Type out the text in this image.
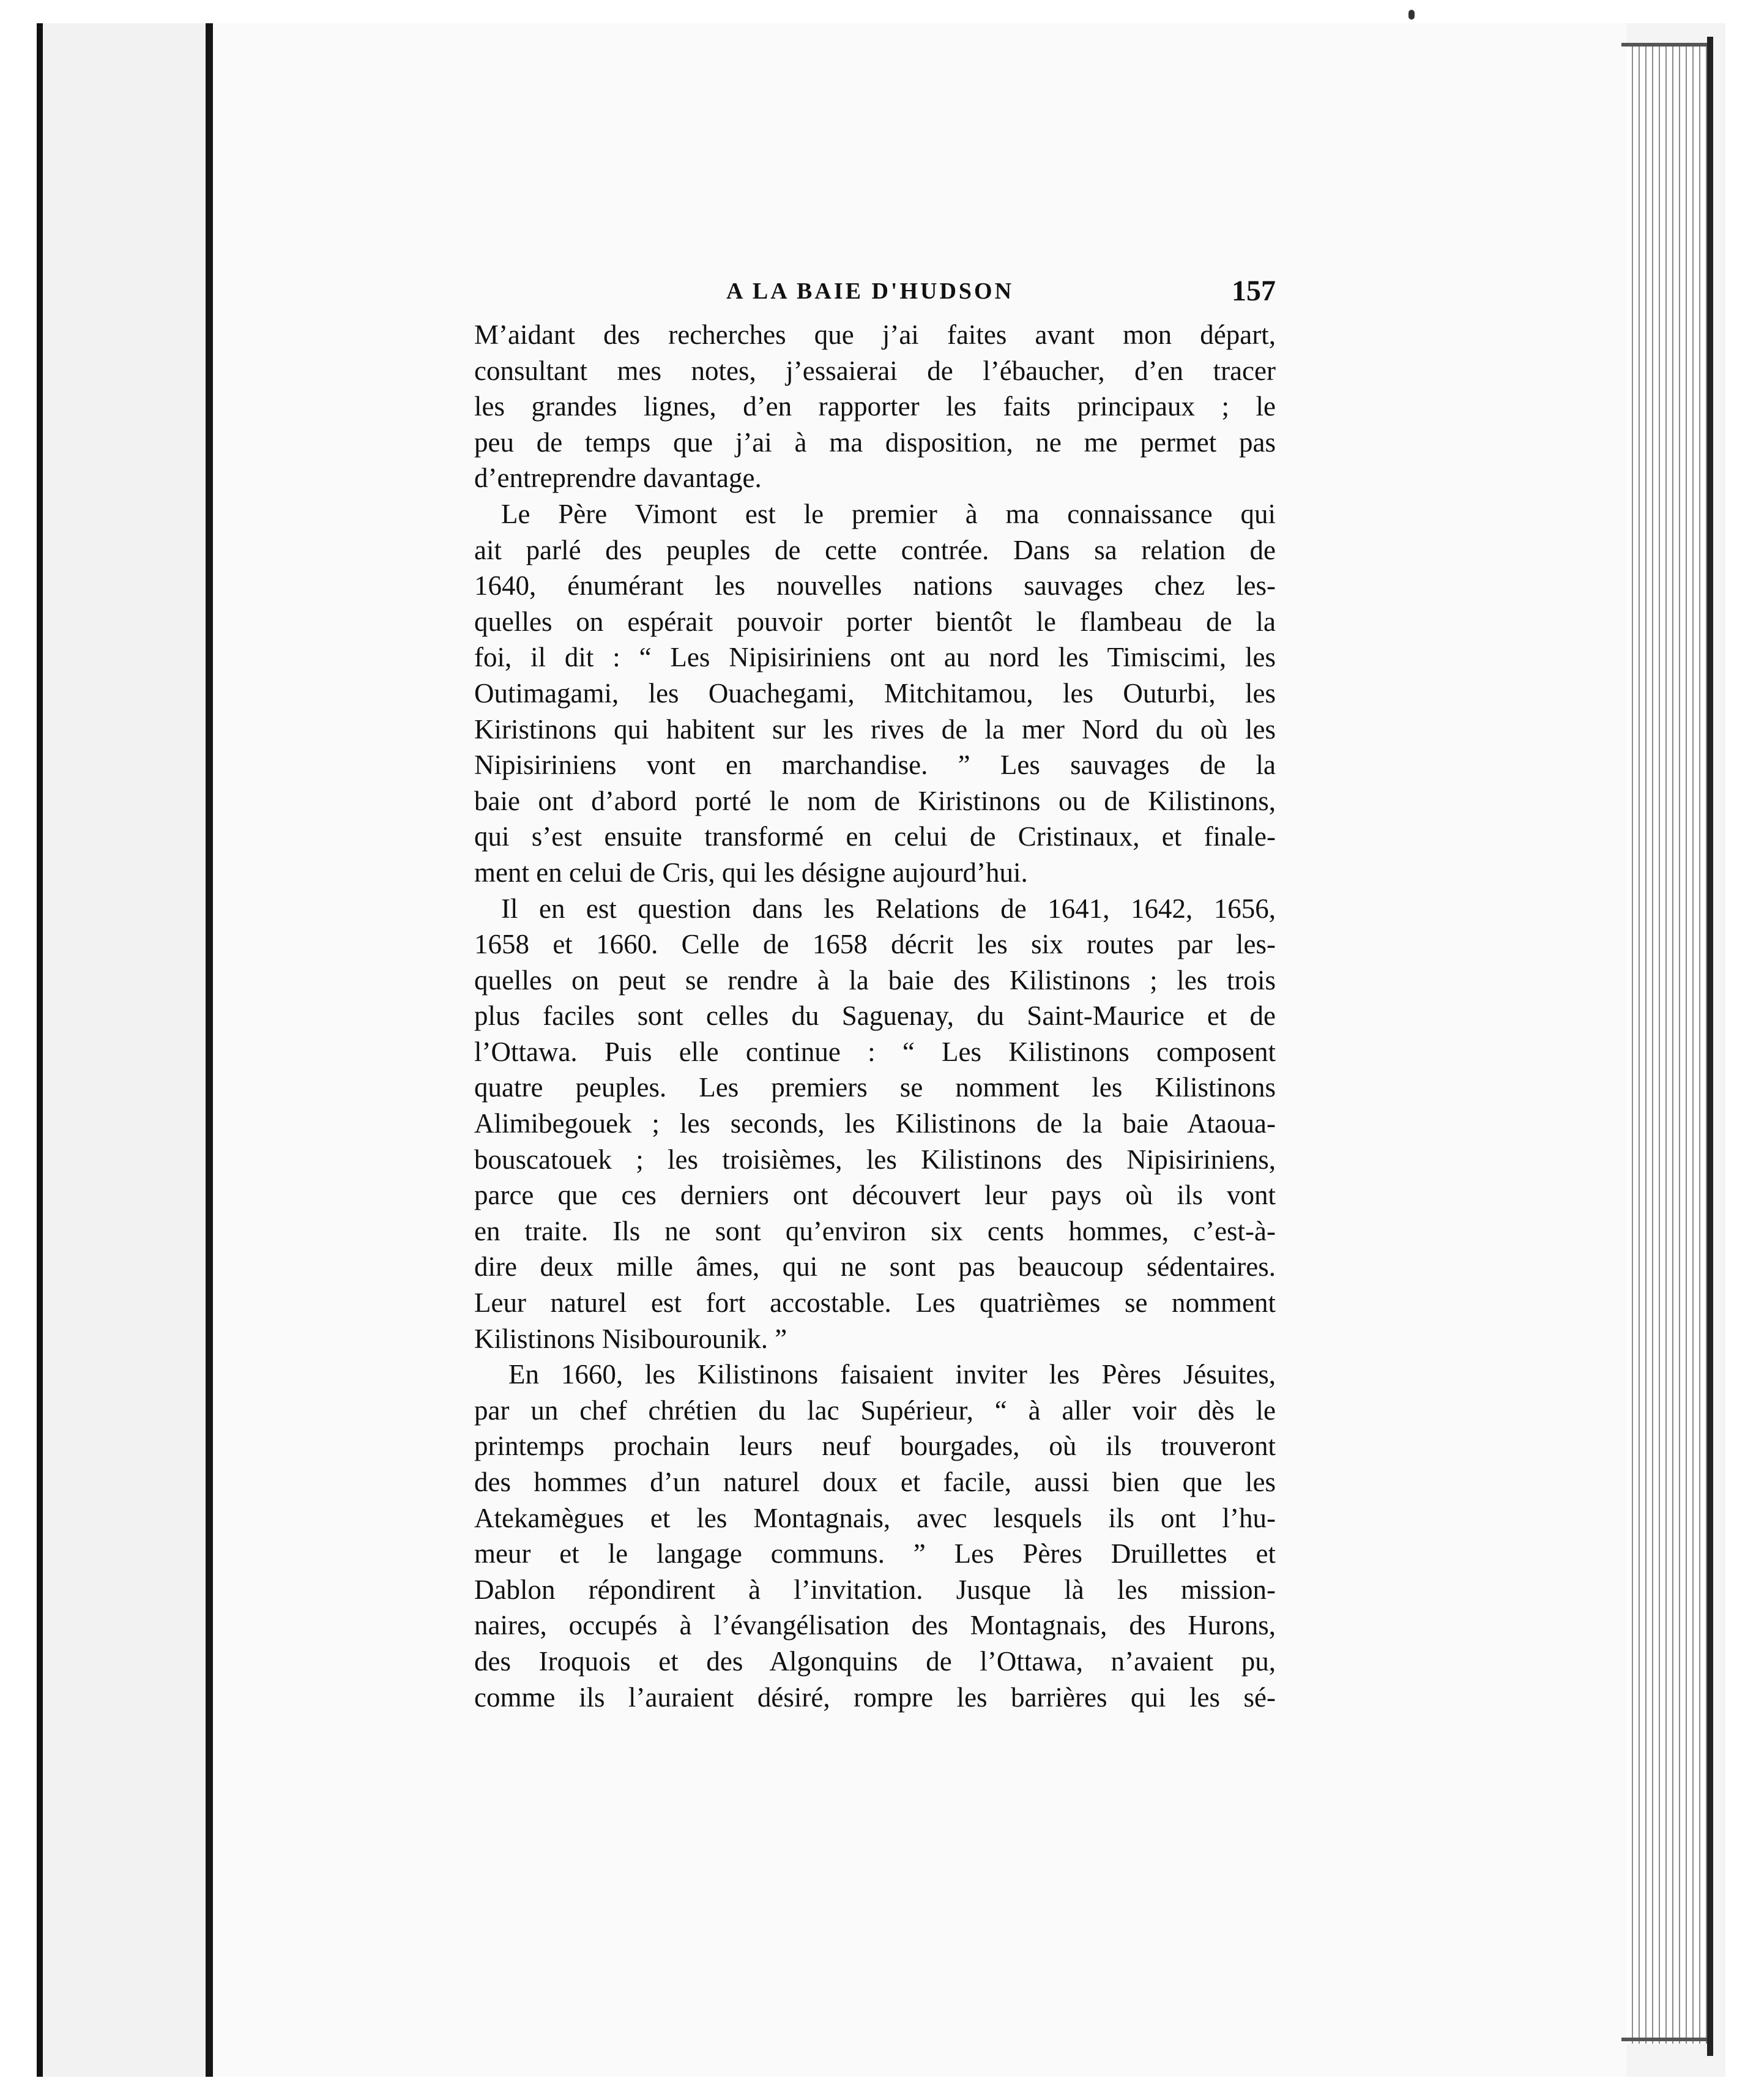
A LA BAIE D'HUDSON	157
M’aidant des recherches que j’ai faites avant mon départ,
consultant mes notes, j’essaierai de l’ébaucher, d’en tracer
les grandes lignes, d’en rapporter les faits principaux ; le
peu de temps que j’ai à ma disposition, ne me permet pas
d’entreprendre davantage.
Le Père Vimont est le premier à ma connaissance qui
ait parlé des peuples de cette contrée. Dans sa relation de
1640, énumérant les nouvelles nations sauvages chez les-
quelles on espérait pouvoir porter bientôt le flambeau de la
foi, il dit : “ Les Nipisiriniens ont au nord les Timiscimi, les
Outimagami, les Ouachegami, Mitchitamou, les Outurbi, les
Kiristinons qui habitent sur les rives de la mer Nord du où les
Nipisiriniens vont en marchandise. ” Les sauvages de la
baie ont d’abord porté le nom de Kiristinons ou de Kilistinons,
qui s’est ensuite transformé en celui de Cristinaux, et finale-
ment en celui de Cris, qui les désigne aujourd’hui.
Il en est question dans les Relations de 1641, 1642, 1656,
1658 et 1660. Celle de 1658 décrit les six routes par les-
quelles on peut se rendre à la baie des Kilistinons ; les trois
plus faciles sont celles du Saguenay, du Saint-Maurice et de
l’Ottawa. Puis elle continue : “ Les Kilistinons composent
quatre peuples. Les premiers se nomment les Kilistinons
Alimibegouek ; les seconds, les Kilistinons de la baie Ataoua-
bouscatouek ; les troisièmes, les Kilistinons des Nipisiriniens,
parce que ces derniers ont découvert leur pays où ils vont
en traite. Ils ne sont qu’environ six cents hommes, c’est-à-
dire deux mille âmes, qui ne sont pas beaucoup sédentaires.
Leur naturel est fort accostable. Les quatrièmes se nomment
Kilistinons Nisibourounik. ”
En 1660, les Kilistinons faisaient inviter les Pères Jésuites,
par un chef chrétien du lac Supérieur, “ à aller voir dès le
printemps prochain leurs neuf bourgades, où ils trouveront
des hommes d’un naturel doux et facile, aussi bien que les
Atekamègues et les Montagnais, avec lesquels ils ont l’hu-
meur et le langage communs. ” Les Pères Druillettes et
Dablon répondirent à l’invitation. Jusque là les mission-
naires, occupés à l’évangélisation des Montagnais, des Hurons,
des Iroquois et des Algonquins de l’Ottawa, n’avaient pu,
comme ils l’auraient désiré, rompre les barrières qui les sé-
